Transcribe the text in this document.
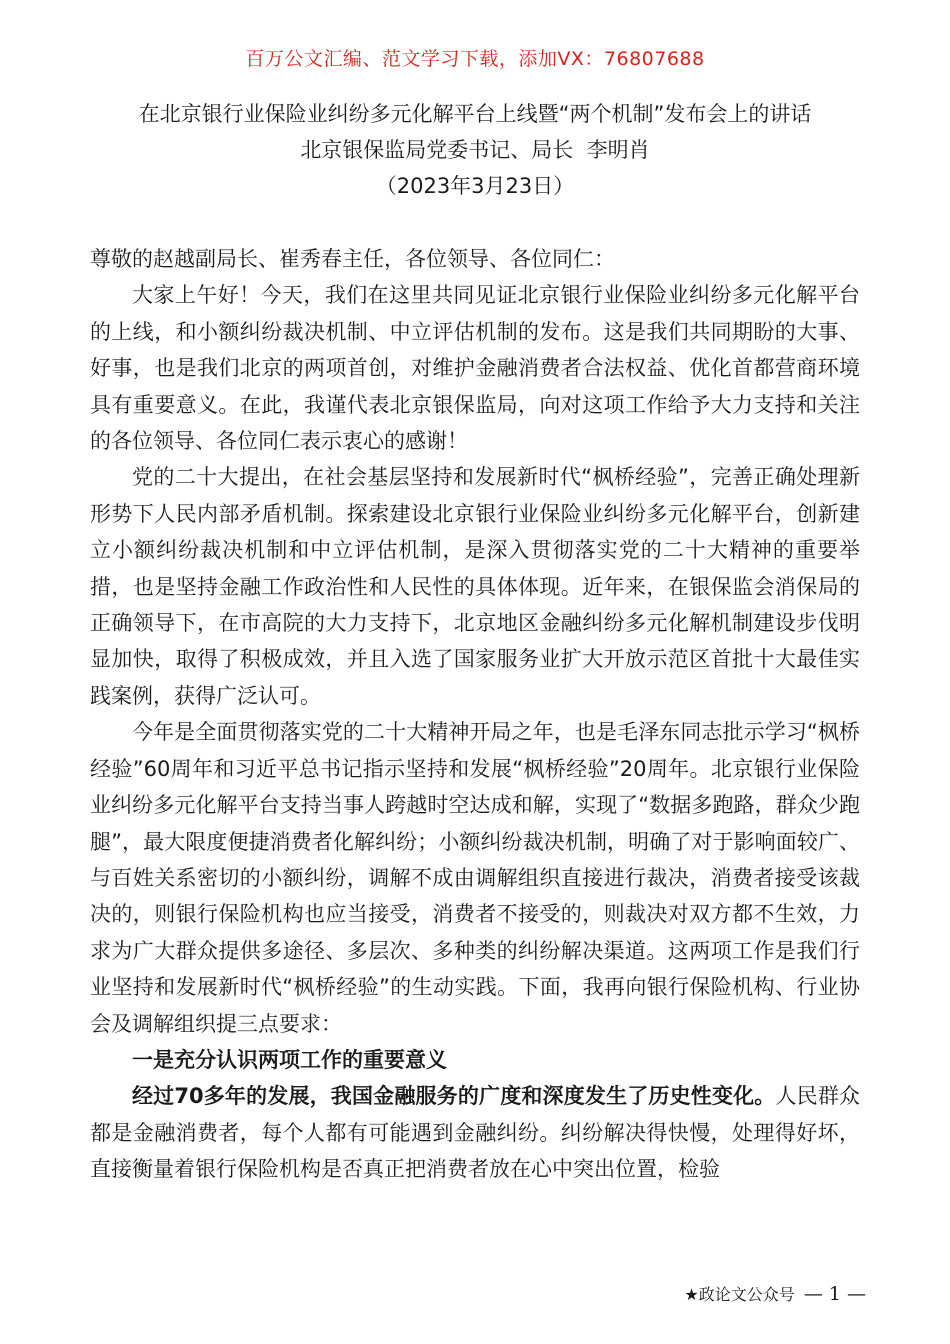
百万公文汇编、范文学习下载，添加VX：76807688
在北京银行业保险业纠纷多元化解平台上线暨“两个机制”发布会上的讲话
北京银保监局党委书记、局长  李明肖
（2023年3月23日）

尊敬的赵越副局长、崔秀春主任，各位领导、各位同仁：

大家上午好！今天，我们在这里共同见证北京银行业保险业纠纷多元化解平台的上线，和小额纠纷裁决机制、中立评估机制的发布。这是我们共同期盼的大事、好事，也是我们北京的两项首创，对维护金融消费者合法权益、优化首都营商环境具有重要意义。在此，我谨代表北京银保监局，向对这项工作给予大力支持和关注的各位领导、各位同仁表示衷心的感谢！

党的二十大提出，在社会基层坚持和发展新时代“枫桥经验”，完善正确处理新形势下人民内部矛盾机制。探索建设北京银行业保险业纠纷多元化解平台，创新建立小额纠纷裁决机制和中立评估机制，是深入贯彻落实党的二十大精神的重要举措，也是坚持金融工作政治性和人民性的具体体现。近年来，在银保监会消保局的正确领导下，在市高院的大力支持下，北京地区金融纠纷多元化解机制建设步伐明显加快，取得了积极成效，并且入选了国家服务业扩大开放示范区首批十大最佳实践案例，获得广泛认可。

今年是全面贯彻落实党的二十大精神开局之年，也是毛泽东同志批示学习“枫桥经验”60周年和习近平总书记指示坚持和发展“枫桥经验”20周年。北京银行业保险业纠纷多元化解平台支持当事人跨越时空达成和解，实现了“数据多跑路，群众少跑腿”，最大限度便捷消费者化解纠纷；小额纠纷裁决机制，明确了对于影响面较广、与百姓关系密切的小额纠纷，调解不成由调解组织直接进行裁决，消费者接受该裁决的，则银行保险机构也应当接受，消费者不接受的，则裁决对双方都不生效，力求为广大群众提供多途径、多层次、多种类的纠纷解决渠道。这两项工作是我们行业坚持和发展新时代“枫桥经验”的生动实践。下面，我再向银行保险机构、行业协会及调解组织提三点要求：

一是充分认识两项工作的重要意义

经过70多年的发展，我国金融服务的广度和深度发生了历史性变化。人民群众都是金融消费者，每个人都有可能遇到金融纠纷。纠纷解决得快慢，处理得好坏，直接衡量着银行保险机构是否真正把消费者放在心中突出位置，检验

★政论文公众号 — 1 —
